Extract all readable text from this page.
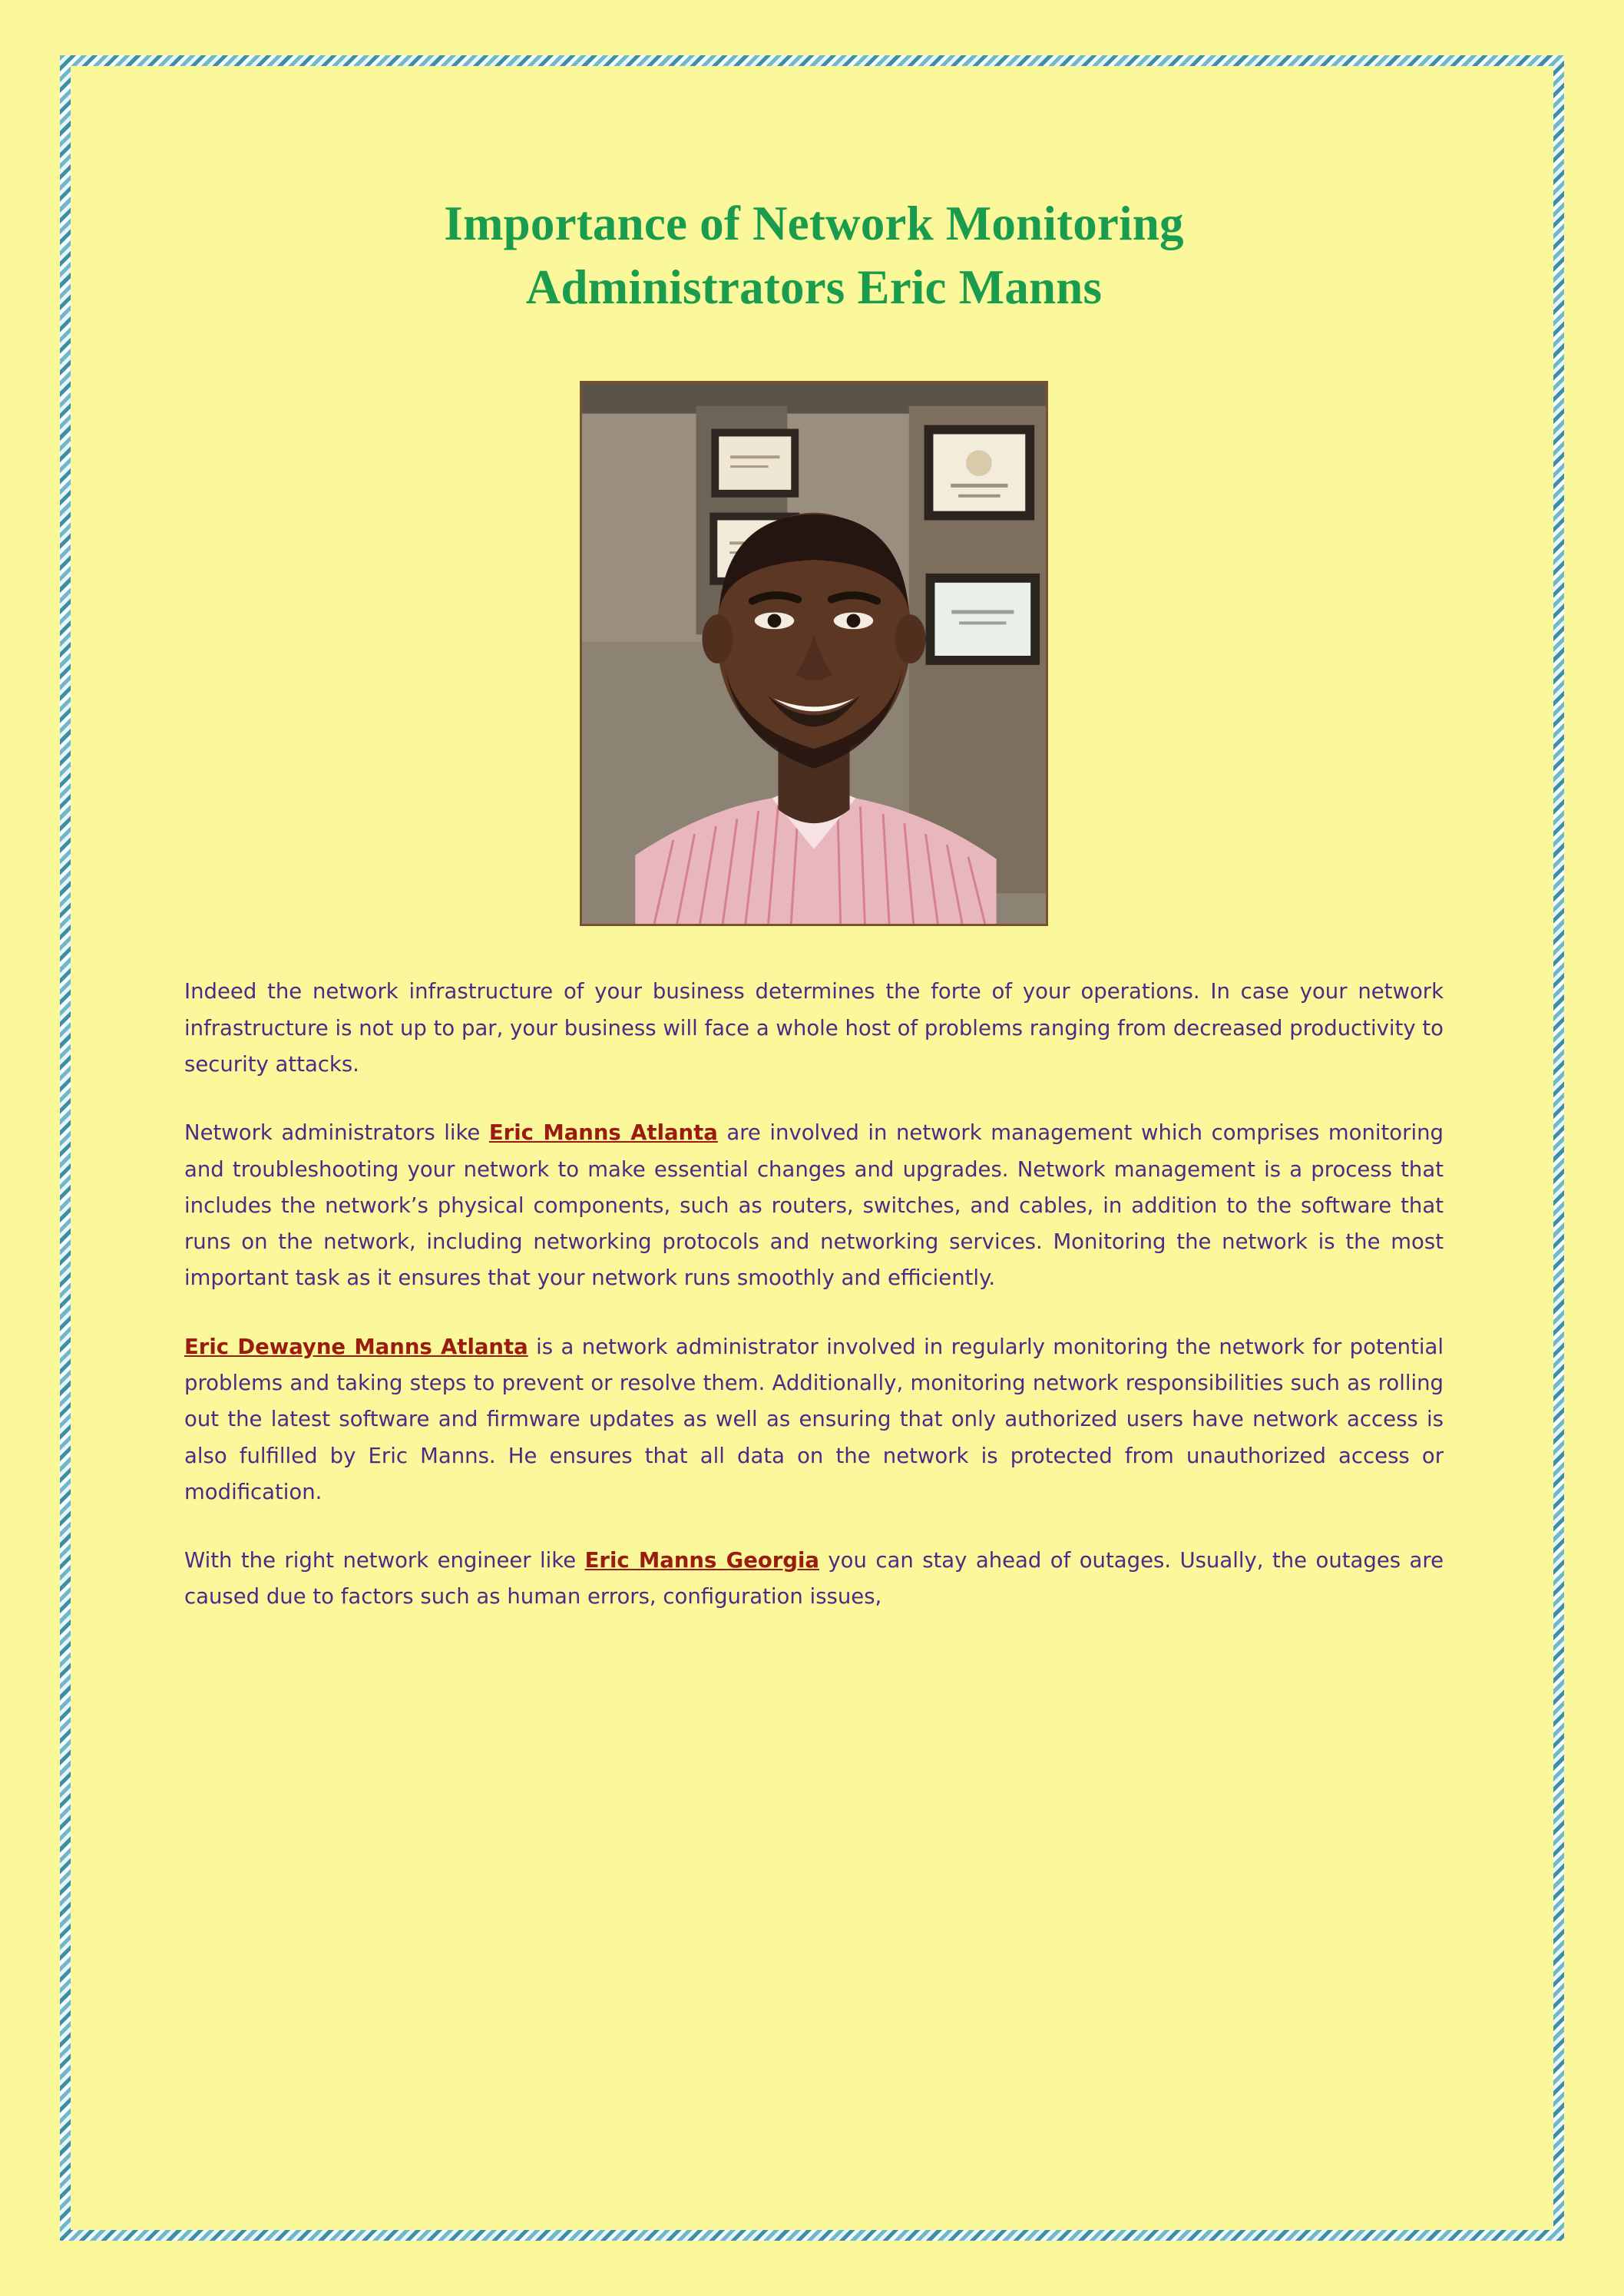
Importance of Network Monitoring
Administrators Eric Manns

Indeed the network infrastructure of your business determines the forte of your operations. In case your network infrastructure is not up to par, your business will face a whole host of problems ranging from decreased productivity to security attacks.

Network administrators like Eric Manns Atlanta are involved in network management which comprises monitoring and troubleshooting your network to make essential changes and upgrades. Network management is a process that includes the network’s physical components, such as routers, switches, and cables, in addition to the software that runs on the network, including networking protocols and networking services. Monitoring the network is the most important task as it ensures that your network runs smoothly and efficiently.

Eric Dewayne Manns Atlanta is a network administrator involved in regularly monitoring the network for potential problems and taking steps to prevent or resolve them. Additionally, monitoring network responsibilities such as rolling out the latest software and firmware updates as well as ensuring that only authorized users have network access is also fulfilled by Eric Manns. He ensures that all data on the network is protected from unauthorized access or modification.

With the right network engineer like Eric Manns Georgia you can stay ahead of outages. Usually, the outages are caused due to factors such as human errors, configuration issues,
